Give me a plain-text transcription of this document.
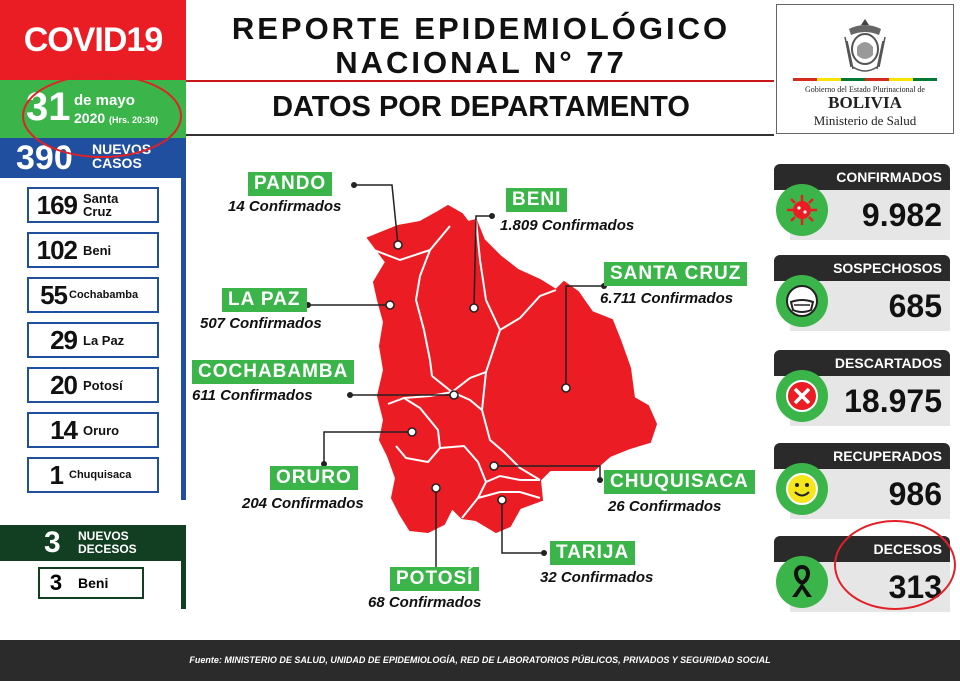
COVID19
31 de mayo
2020 (Hrs. 20:30)
390 NUEVOS
CASOS
169 Santa
Cruz
102 Beni
55 Cochabamba
29 La Paz
20 Potosí
14 Oruro
1 Chuquisaca
3 NUEVOS
DECESOS
3	Beni
REPORTE EPIDEMIOLÓGICO
NACIONAL N° 77
DATOS POR DEPARTAMENTO
Gobierno del Estado Plurinacional de
BOLIVIA
Ministerio de Salud
PANDO
14 Confirmados	BENI
1.809 Confirmados
LA PAZ
507 Confirmados
SANTA CRUZ
6.711 Confirmados
COCHABAMBA
611 Confirmados
ORURO
204 Confirmados
CHUQUISACA
26 Confirmados
TARIJA
32 Confirmados
POTOSÍ
68 Confirmados
CONFIRMADOS
9.982
SOSPECHOSOS
685
DESCARTADOS
18.975
RECUPERADOS
986
DECESOS
313
Fuente: MINISTERIO DE SALUD, UNIDAD DE EPIDEMIOLOGÍA, RED DE LABORATORIOS PÚBLICOS, PRIVADOS Y SEGURIDAD SOCIAL
